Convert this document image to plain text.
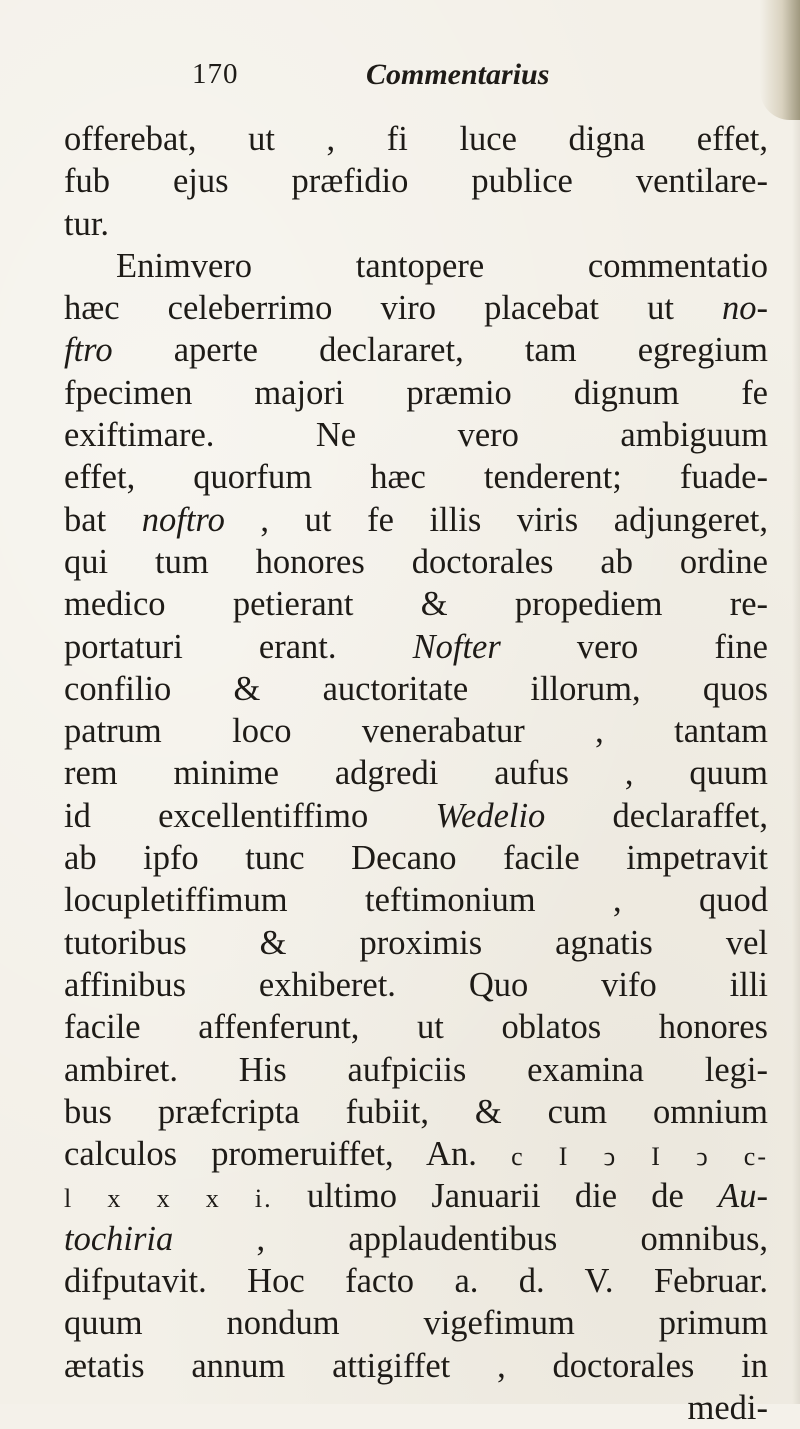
170	Commentarius
offerebat, ut , fi luce digna effet,
fub ejus præfidio publice ventilare-
tur.
Enimvero tantopere commentatio
hæc celeberrimo viro placebat ut no-
ftro aperte declararet, tam egregium
fpecimen majori præmio dignum fe
exiftimare. Ne vero ambiguum
effet, quorfum hæc tenderent; fuade-
bat noftro , ut fe illis viris adjungeret,
qui tum honores doctorales ab ordine
medico petierant & propediem re-
portaturi erant. Nofter vero fine
confilio & auctoritate illorum, quos
patrum loco venerabatur , tantam
rem minime adgredi aufus , quum
id excellentiffimo Wedelio declaraffet,
ab ipfo tunc Decano facile impetravit
locupletiffimum teftimonium , quod
tutoribus & proximis agnatis vel
affinibus exhiberet. Quo vifo illi
facile affenferunt, ut oblatos honores
ambiret. His aufpiciis examina legi-
bus præfcripta fubiit, & cum omnium
calculos promeruiffet, An. c I ͻ I ͻ c-
l x x x i. ultimo Januarii die de Au-
tochiria , applaudentibus omnibus,
difputavit. Hoc facto a. d. V. Februar.
quum nondum vigefimum primum
ætatis annum attigiffet , doctorales in
medi-
